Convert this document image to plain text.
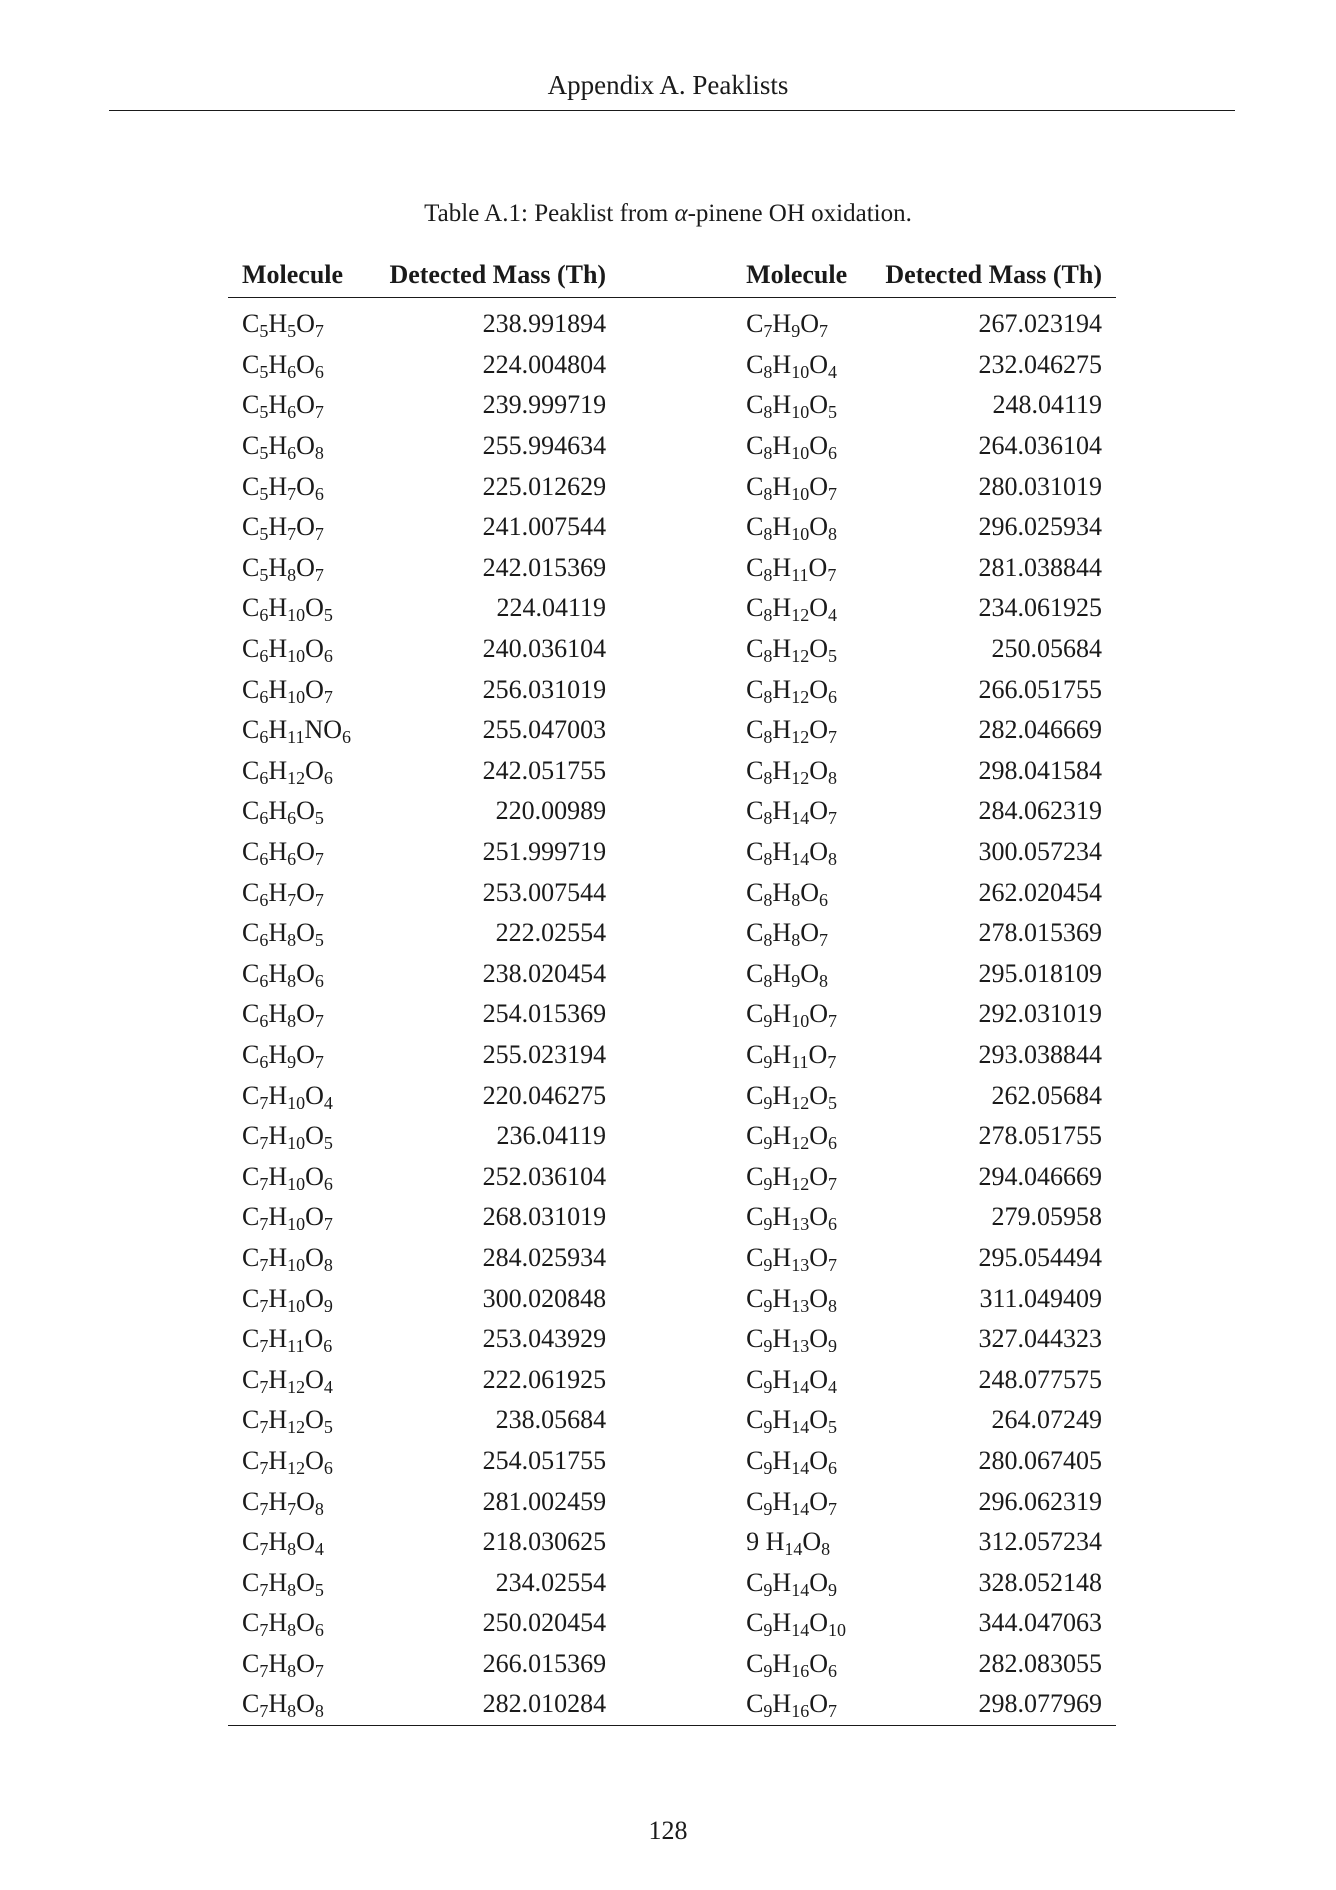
Appendix A. Peaklists
Table A.1: Peaklist from α-pinene OH oxidation.
Molecule	Detected Mass (Th)	Molecule	Detected Mass (Th)
$C_5H_5O_7$	238.991894	$C_7H_9O_7$	267.023194
$C_5H_6O_6$	224.004804	$C_8H_{10}O_4$	232.046275
$C_5H_6O_7$	239.999719	$C_8H_{10}O_5$	248.04119
$C_5H_6O_8$	255.994634	$C_8H_{10}O_6$	264.036104
$C_5H_7O_6$	225.012629	$C_8H_{10}O_7$	280.031019
$C_5H_7O_7$	241.007544	$C_8H_{10}O_8$	296.025934
$C_5H_8O_7$	242.015369	$C_8H_{11}O_7$	281.038844
$C_6H_{10}O_5$	224.04119	$C_8H_{12}O_4$	234.061925
$C_6H_{10}O_6$	240.036104	$C_8H_{12}O_5$	250.05684
$C_6H_{10}O_7$	256.031019	$C_8H_{12}O_6$	266.051755
$C_6H_{11}NO_6$	255.047003	$C_8H_{12}O_7$	282.046669
$C_6H_{12}O_6$	242.051755	$C_8H_{12}O_8$	298.041584
$C_6H_6O_5$	220.00989	$C_8H_{14}O_7$	284.062319
$C_6H_6O_7$	251.999719	$C_8H_{14}O_8$	300.057234
$C_6H_7O_7$	253.007544	$C_8H_8O_6$	262.020454
$C_6H_8O_5$	222.02554	$C_8H_8O_7$	278.015369
$C_6H_8O_6$	238.020454	$C_8H_9O_8$	295.018109
$C_6H_8O_7$	254.015369	$C_9H_{10}O_7$	292.031019
$C_6H_9O_7$	255.023194	$C_9H_{11}O_7$	293.038844
$C_7H_{10}O_4$	220.046275	$C_9H_{12}O_5$	262.05684
$C_7H_{10}O_5$	236.04119	$C_9H_{12}O_6$	278.051755
$C_7H_{10}O_6$	252.036104	$C_9H_{12}O_7$	294.046669
$C_7H_{10}O_7$	268.031019	$C_9H_{13}O_6$	279.05958
$C_7H_{10}O_8$	284.025934	$C_9H_{13}O_7$	295.054494
$C_7H_{10}O_9$	300.020848	$C_9H_{13}O_8$	311.049409
$C_7H_{11}O_6$	253.043929	$C_9H_{13}O_9$	327.044323
$C_7H_{12}O_4$	222.061925	$C_9H_{14}O_4$	248.077575
$C_7H_{12}O_5$	238.05684	$C_9H_{14}O_5$	264.07249
$C_7H_{12}O_6$	254.051755	$C_9H_{14}O_6$	280.067405
$C_7H_7O_8$	281.002459	$C_9H_{14}O_7$	296.062319
$C_7H_8O_4$	218.030625	9 $H_{14}O_8$	312.057234
$C_7H_8O_5$	234.02554	$C_9H_{14}O_9$	328.052148
$C_7H_8O_6$	250.020454	$C_9H_{14}O_{10}$	344.047063
$C_7H_8O_7$	266.015369	$C_9H_{16}O_6$	282.083055
$C_7H_8O_8$	282.010284	$C_9H_{16}O_7$	298.077969
128
